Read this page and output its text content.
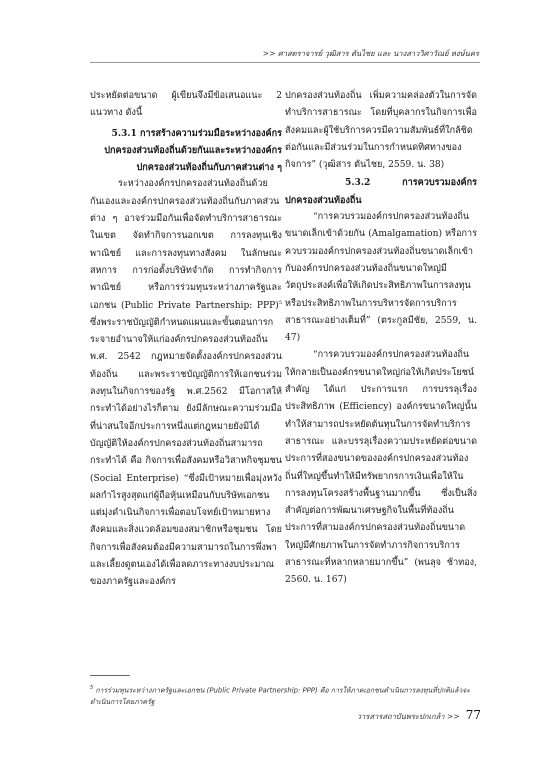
>> ศาสตราจารย์ วุฒิสาร ตันไชย และ นางสาววิศาวัณย์ หงษ์นคร

ประหยัดต่อขนาด ผู้เขียนจึงมีข้อเสนอแนะ 2 แนวทาง ดังนี้

5.3.1 การสร้างความร่วมมือระหว่างองค์กรปกครองส่วนท้องถิ่นด้วยกันและระหว่างองค์กรปกครองส่วนท้องถิ่นกับภาคส่วนต่าง ๆ

ระหว่างองค์กรปกครองส่วนท้องถิ่นด้วยกันเองและองค์กรปกครองส่วนท้องถิ่นกับภาคส่วนต่าง ๆ อาจร่วมมือกันเพื่อจัดทำบริการสาธารณะในเขต จัดทำกิจการนอกเขต การลงทุนเชิงพาณิชย์ และการลงทุนทางสังคม ในลักษณะสหการ การก่อตั้งบริษัทจำกัด การทำกิจการพาณิชย์ หรือการร่วมทุนระหว่างภาครัฐและเอกชน (Public Private Partnership: PPP)$^5$ ซึ่งพระราชบัญญัติกำหนดแผนและขั้นตอนการกระจายอำนาจให้แก่องค์กรปกครองส่วนท้องถิ่น พ.ศ. 2542 กฎหมายจัดตั้งองค์กรปกครองส่วนท้องถิ่น และพระราชบัญญัติการให้เอกชนร่วมลงทุนในกิจการของรัฐ พ.ศ.2562 มีโอกาสให้กระทำได้อย่างไรก็ตาม ยังมีลักษณะความร่วมมือที่น่าสนใจอีกประการหนึ่งแต่กฎหมายยังมิได้บัญญัติให้องค์กรปกครองส่วนท้องถิ่นสามารถกระทำได้ คือ กิจการเพื่อสังคมหรือวิสาหกิจชุมชน (Social Enterprise) “ซึ่งมีเป้าหมายเพื่อมุ่งหวังผลกำไรสูงสุดแก่ผู้ถือหุ้นเหมือนกับบริษัทเอกชน แต่มุ่งดำเนินกิจการเพื่อตอบโจทย์เป้าหมายทางสังคมและสิ่งแวดล้อมของสมาชิกหรือชุมชน โดยกิจการเพื่อสังคมต้องมีความสามารถในการพึ่งพาและเลี้ยงดูตนเองได้เพื่อลดภาระทางงบประมาณของภาครัฐและองค์กร

ปกครองส่วนท้องถิ่น เพิ่มความคล่องตัวในการจัดทำบริการสาธารณะ โดยที่บุคลากรในกิจการเพื่อสังคมและผู้ใช้บริการควรมีความสัมพันธ์ที่ใกล้ชิดต่อกันและมีส่วนร่วมในการกำหนดทิศทางของกิจการ” (วุฒิสาร ตันไชย, 2559. น. 38)

5.3.2	การควบรวมองค์กรปกครองส่วนท้องถิ่น

“การควบรวมองค์กรปกครองส่วนท้องถิ่นขนาดเล็กเข้าด้วยกัน (Amalgamation) หรือการควบรวมองค์กรปกครองส่วนท้องถิ่นขนาดเล็กเข้ากับองค์กรปกครองส่วนท้องถิ่นขนาดใหญ่มีวัตถุประสงค์เพื่อให้เกิดประสิทธิภาพในการลงทุน หรือประสิทธิภาพในการบริหารจัดการบริการสาธารณะอย่างเต็มที่” (ตระกูลมีชัย, 2559, น. 47)

“การควบรวมองค์กรปกครองส่วนท้องถิ่นให้กลายเป็นองค์กรขนาดใหญ่ก่อให้เกิดประโยชน์สำคัญ ได้แก่ ประการแรก การบรรลุเรื่องประสิทธิภาพ (Efficiency) องค์กรขนาดใหญ่นั้นทำให้สามารถประหยัดต้นทุนในการจัดทำบริการสาธารณะ และบรรลุเรื่องความประหยัดต่อขนาด ประการที่สองขนาดขององค์กรปกครองส่วนท้องถิ่นที่ใหญ่ขึ้นทำให้มีทรัพยากรการเงินเพื่อให้ในการลงทุนโครงสร้างพื้นฐานมากขึ้น ซึ่งเป็นสิ่งสำคัญต่อการพัฒนาเศรษฐกิจในพื้นที่ท้องถิ่น ประการที่สามองค์กรปกครองส่วนท้องถิ่นขนาดใหญ่มีศักยภาพในการจัดทำภารกิจการบริการสาธารณะที่หลากหลายมากขึ้น” (พนลุจ ช้าทอง, 2560. น. 167)

$^5$ การร่วมทุนระหว่างภาครัฐและเอกชน (Public Private Partnership: PPP) คือ การให้ภาคเอกชนดำเนินการลงทุนที่ปกติแล้วจะดำเนินการโดยภาครัฐ
วารสารสถาบันพระปกเกล้า >> 77
